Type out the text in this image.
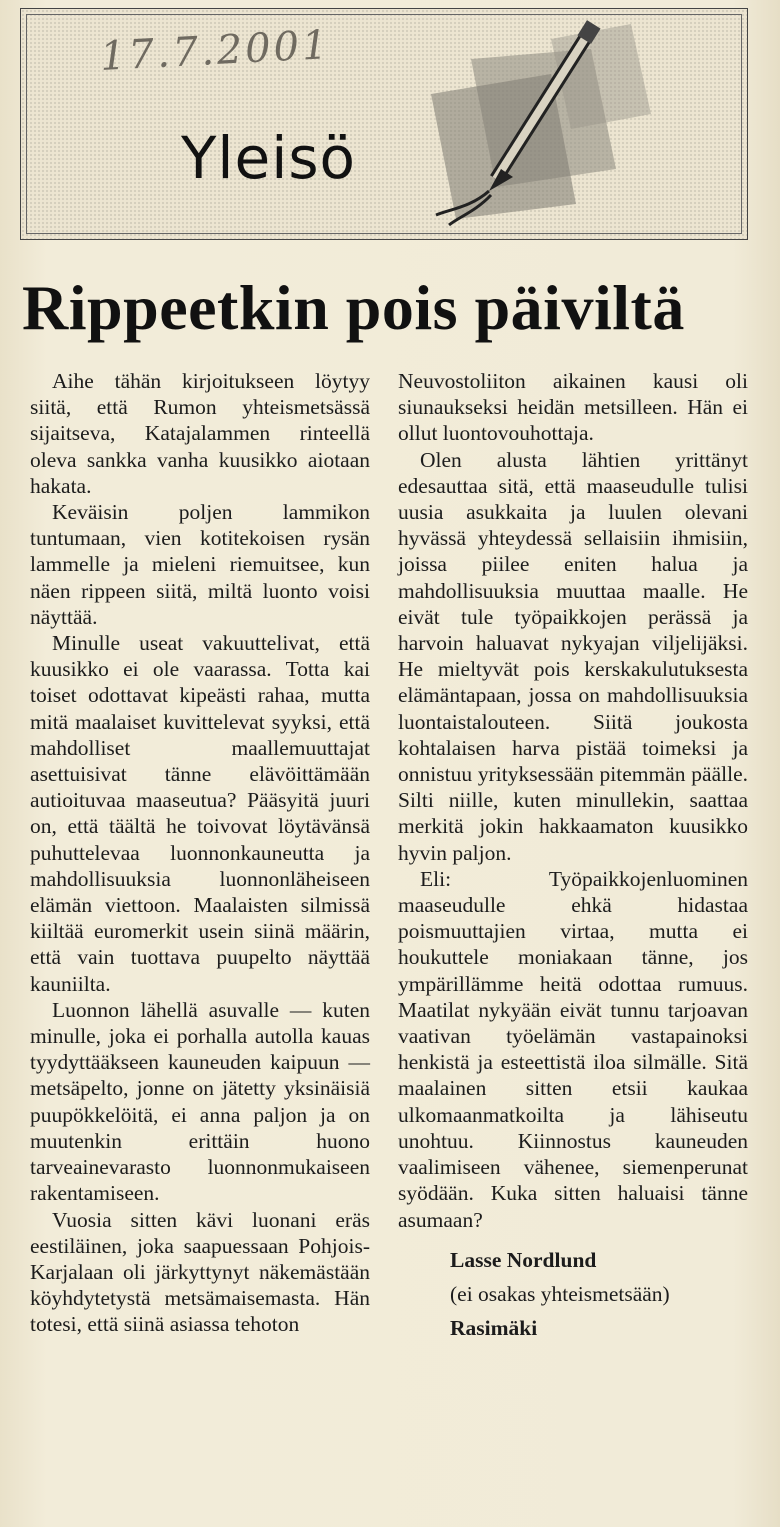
Yleisö
17.7.2001
Rippeetkin pois päiviltä

Aihe tähän kirjoitukseen löytyy siitä, että Rumon yhteismetsässä sijaitseva, Katajalammen rinteellä oleva sankka vanha kuusikko aiotaan hakata.

Keväisin poljen lammikon tuntumaan, vien kotitekoisen rysän lammelle ja mieleni riemuitsee, kun näen rippeen siitä, miltä luonto voisi näyttää.

Minulle useat vakuuttelivat, että kuusikko ei ole vaarassa. Totta kai toiset odottavat kipeästi rahaa, mutta mitä maalaiset kuvittelevat syyksi, että mahdolliset maallemuuttajat asettuisivat tänne elävöittämään autioituvaa maaseutua? Pääsyitä juuri on, että täältä he toivovat löytävänsä puhuttelevaa luonnonkauneutta ja mahdollisuuksia luonnonläheiseen elämän viettoon. Maalaisten silmissä kiiltää euromerkit usein siinä määrin, että vain tuottava puupelto näyttää kauniilta.

Luonnon lähellä asuvalle — kuten minulle, joka ei porhalla autolla kauas tyydyttääkseen kauneuden kaipuun — metsäpelto, jonne on jätetty yksinäisiä puupökkelöitä, ei anna paljon ja on muutenkin erittäin huono tarveainevarasto luonnonmukaiseen rakentamiseen.

Vuosia sitten kävi luonani eräs eestiläinen, joka saapuessaan Pohjois-Karjalaan oli järkyttynyt näkemästään köyhdytetystä metsämaisemasta. Hän totesi, että siinä asiassa tehoton

Neuvostoliiton aikainen kausi oli siunaukseksi heidän metsilleen. Hän ei ollut luontovouhottaja.

Olen alusta lähtien yrittänyt edesauttaa sitä, että maaseudulle tulisi uusia asukkaita ja luulen olevani hyvässä yhteydessä sellaisiin ihmisiin, joissa piilee eniten halua ja mahdollisuuksia muuttaa maalle. He eivät tule työpaikkojen perässä ja harvoin haluavat nykyajan viljelijäksi. He mieltyvät pois kerskakulutuksesta elämäntapaan, jossa on mahdollisuuksia luontaistalouteen. Siitä joukosta kohtalaisen harva pistää toimeksi ja onnistuu yrityksessään pitemmän päälle. Silti niille, kuten minullekin, saattaa merkitä jokin hakkaamaton kuusikko hyvin paljon.

Eli: Työpaikkojenluominen maaseudulle ehkä hidastaa poismuuttajien virtaa, mutta ei houkuttele moniakaan tänne, jos ympärillämme heitä odottaa rumuus. Maatilat nykyään eivät tunnu tarjoavan vaativan työelämän vastapainoksi henkistä ja esteettistä iloa silmälle. Sitä maalainen sitten etsii kaukaa ulkomaanmatkoilta ja lähiseutu unohtuu. Kiinnostus kauneuden vaalimiseen vähenee, siemenperunat syödään. Kuka sitten haluaisi tänne asumaan?

Lasse Nordlund
(ei osakas yhteismetsään)
Rasimäki
